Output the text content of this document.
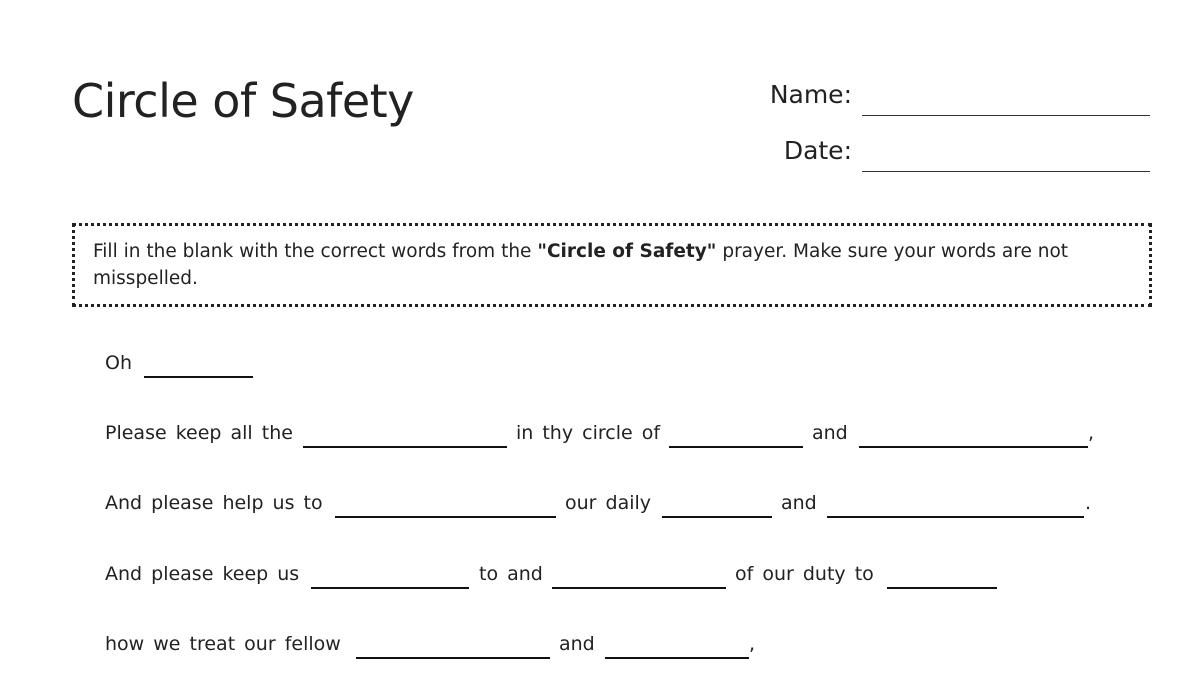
Circle of Safety	Name:
Date:
Fill in the blank with the correct words from the "Circle of Safety" prayer. Make sure your words are not misspelled.
Oh
Please keep all the	in thy circle of	and	,
And please help us to	our daily	and	.
And please keep us	to and	of our duty to
how we treat our fellow	and	,
